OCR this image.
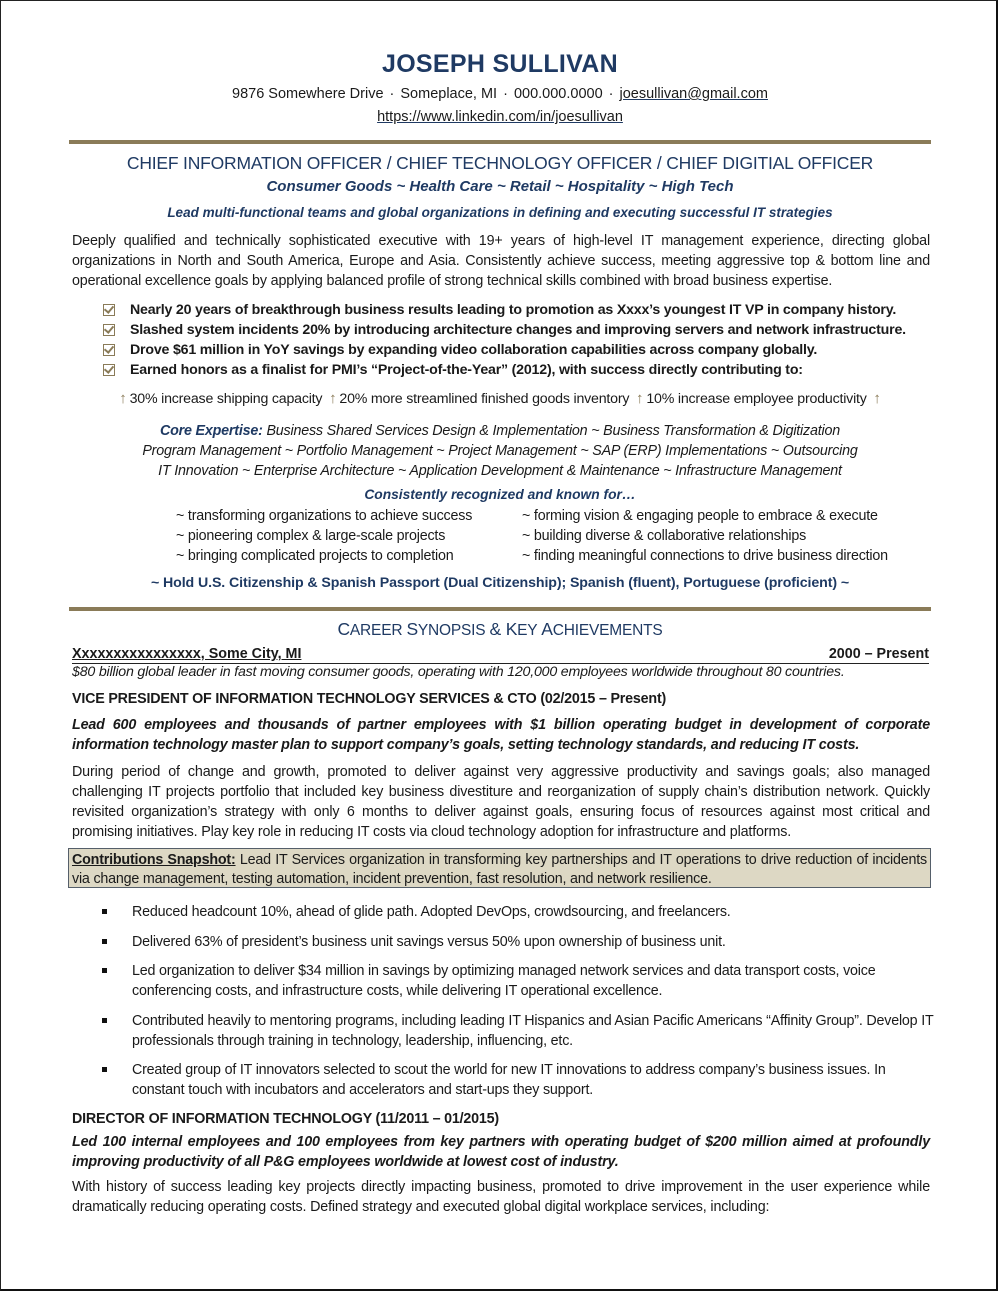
JOSEPH SULLIVAN
9876 Somewhere Drive · Someplace, MI · 000.000.0000 · joesullivan@gmail.com
https://www.linkedin.com/in/joesullivan
CHIEF INFORMATION OFFICER / CHIEF TECHNOLOGY OFFICER / CHIEF DIGITIAL OFFICER
Consumer Goods ~ Health Care ~ Retail ~ Hospitality ~ High Tech
Lead multi-functional teams and global organizations in defining and executing successful IT strategies
Deeply qualified and technically sophisticated executive with 19+ years of high-level IT management experience, directing global organizations in North and South America, Europe and Asia. Consistently achieve success, meeting aggressive top & bottom line and operational excellence goals by applying balanced profile of strong technical skills combined with broad business expertise.
Nearly 20 years of breakthrough business results leading to promotion as Xxxx’s youngest IT VP in company history.
Slashed system incidents 20% by introducing architecture changes and improving servers and network infrastructure.
Drove $61 million in YoY savings by expanding video collaboration capabilities across company globally.
Earned honors as a finalist for PMI’s “Project-of-the-Year” (2012), with success directly contributing to:
↑ 30% increase shipping capacity ↑ 20% more streamlined finished goods inventory ↑ 10% increase employee productivity ↑
Core Expertise: Business Shared Services Design & Implementation ~ Business Transformation & Digitization
Program Management ~ Portfolio Management ~ Project Management ~ SAP (ERP) Implementations ~ Outsourcing
IT Innovation ~ Enterprise Architecture ~ Application Development & Maintenance ~ Infrastructure Management
Consistently recognized and known for…
~ transforming organizations to achieve success	~ forming vision & engaging people to embrace & execute
~ pioneering complex & large-scale projects	~ building diverse & collaborative relationships
~ bringing complicated projects to completion	~ finding meaningful connections to drive business direction
~ Hold U.S. Citizenship & Spanish Passport (Dual Citizenship); Spanish (fluent), Portuguese (proficient) ~
CAREER SYNOPSIS & KEY ACHIEVEMENTS
Xxxxxxxxxxxxxxxx, Some City, MI	2000 – Present
$80 billion global leader in fast moving consumer goods, operating with 120,000 employees worldwide throughout 80 countries.
VICE PRESIDENT OF INFORMATION TECHNOLOGY SERVICES & CTO (02/2015 – Present)
Lead 600 employees and thousands of partner employees with $1 billion operating budget in development of corporate information technology master plan to support company’s goals, setting technology standards, and reducing IT costs.
During period of change and growth, promoted to deliver against very aggressive productivity and savings goals; also managed challenging IT projects portfolio that included key business divestiture and reorganization of supply chain’s distribution network. Quickly revisited organization’s strategy with only 6 months to deliver against goals, ensuring focus of resources against most critical and promising initiatives. Play key role in reducing IT costs via cloud technology adoption for infrastructure and platforms.
Contributions Snapshot: Lead IT Services organization in transforming key partnerships and IT operations to drive reduction of incidents via change management, testing automation, incident prevention, fast resolution, and network resilience.
Reduced headcount 10%, ahead of glide path. Adopted DevOps, crowdsourcing, and freelancers.
Delivered 63% of president’s business unit savings versus 50% upon ownership of business unit.
Led organization to deliver $34 million in savings by optimizing managed network services and data transport costs, voice conferencing costs, and infrastructure costs, while delivering IT operational excellence.
Contributed heavily to mentoring programs, including leading IT Hispanics and Asian Pacific Americans “Affinity Group”. Develop IT professionals through training in technology, leadership, influencing, etc.
Created group of IT innovators selected to scout the world for new IT innovations to address company’s business issues. In constant touch with incubators and accelerators and start-ups they support.
DIRECTOR OF INFORMATION TECHNOLOGY (11/2011 – 01/2015)
Led 100 internal employees and 100 employees from key partners with operating budget of $200 million aimed at profoundly improving productivity of all P&G employees worldwide at lowest cost of industry.
With history of success leading key projects directly impacting business, promoted to drive improvement in the user experience while dramatically reducing operating costs. Defined strategy and executed global digital workplace services, including:
